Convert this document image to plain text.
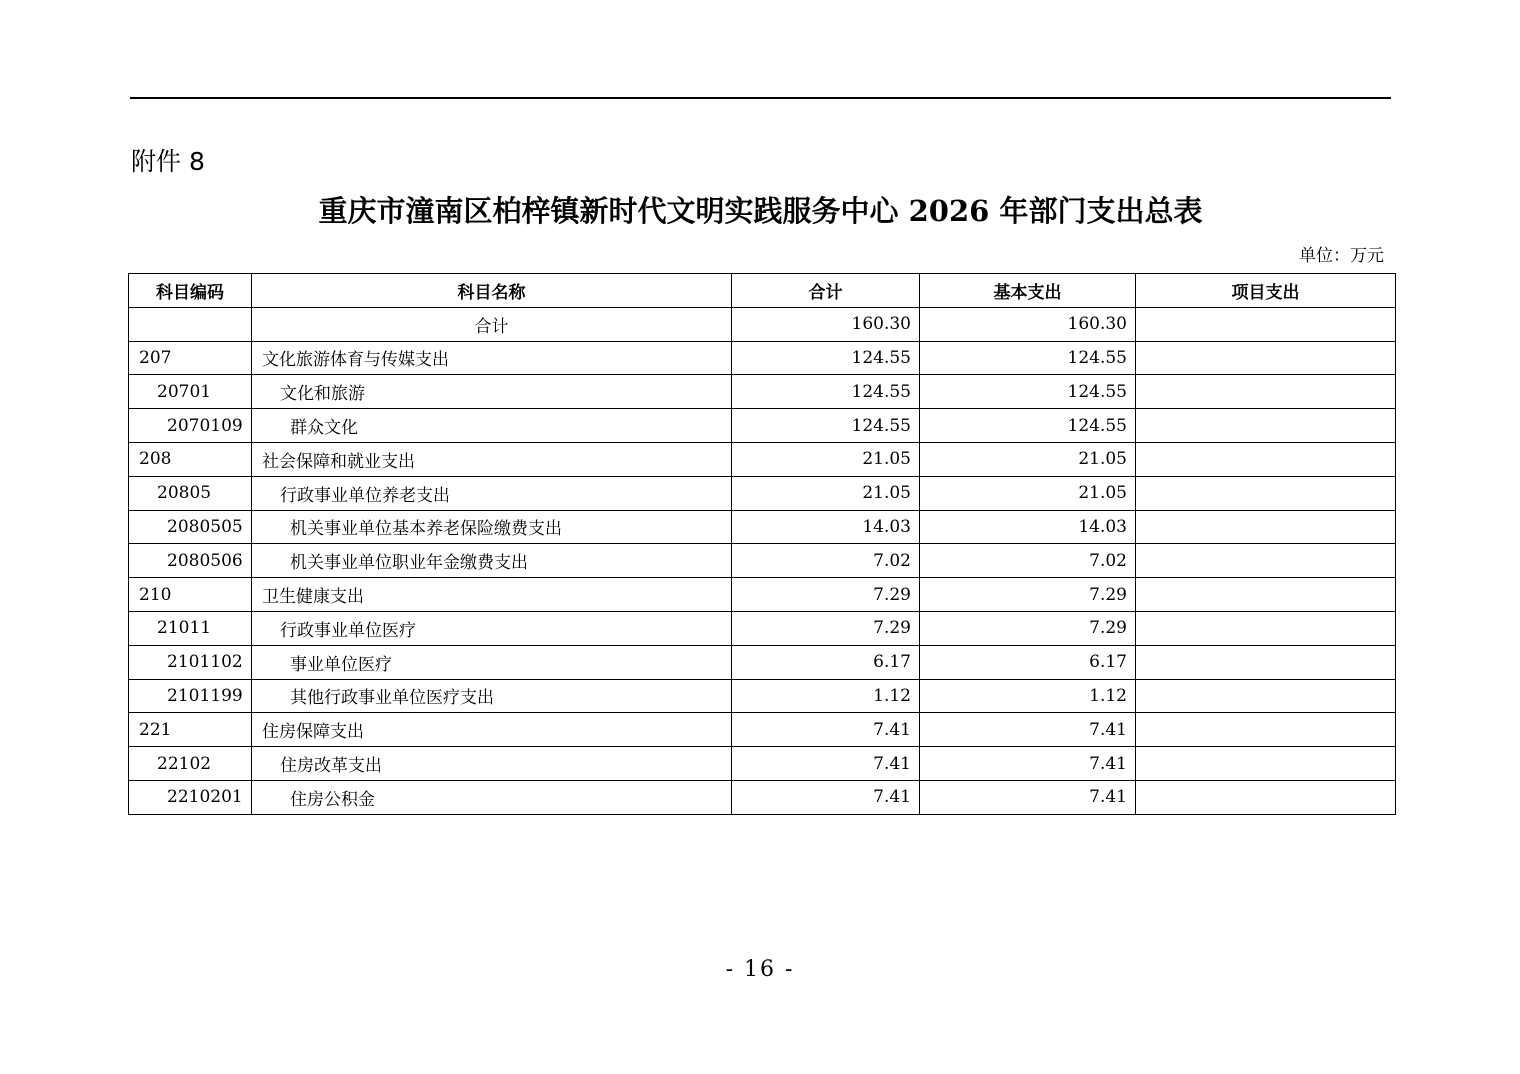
附件 8
重庆市潼南区柏梓镇新时代文明实践服务中心 2026 年部门支出总表
单位：万元
科目编码	科目名称	合计	基本支出	项目支出
	合计	160.30	160.30	
207	文化旅游体育与传媒支出	124.55	124.55	
20701	文化和旅游	124.55	124.55	
2070109	群众文化	124.55	124.55	
208	社会保障和就业支出	21.05	21.05	
20805	行政事业单位养老支出	21.05	21.05	
2080505	机关事业单位基本养老保险缴费支出	14.03	14.03	
2080506	机关事业单位职业年金缴费支出	7.02	7.02	
210	卫生健康支出	7.29	7.29	
21011	行政事业单位医疗	7.29	7.29	
2101102	事业单位医疗	6.17	6.17	
2101199	其他行政事业单位医疗支出	1.12	1.12	
221	住房保障支出	7.41	7.41	
22102	住房改革支出	7.41	7.41	
2210201	住房公积金	7.41	7.41	
- 16 -
